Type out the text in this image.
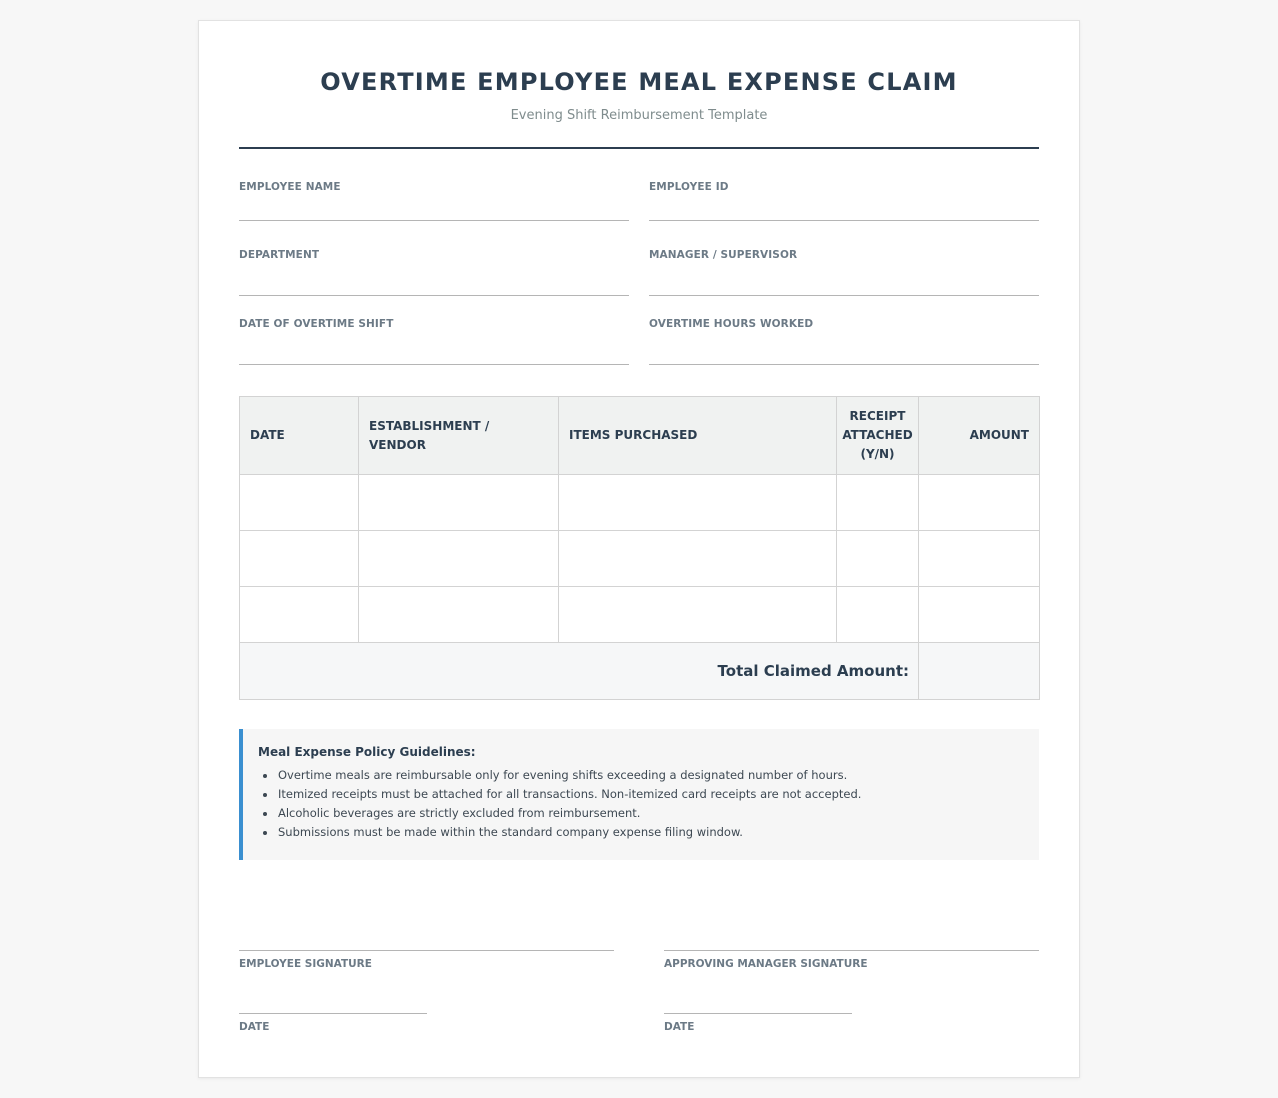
OVERTIME EMPLOYEE MEAL EXPENSE CLAIM
Evening Shift Reimbursement Template
EMPLOYEE NAME	EMPLOYEE ID
DEPARTMENT	MANAGER / SUPERVISOR
DATE OF OVERTIME SHIFT	OVERTIME HOURS WORKED
DATE	ESTABLISHMENT / VENDOR	ITEMS PURCHASED	RECEIPT ATTACHED (Y/N)	AMOUNT

Total Claimed Amount:				
Meal Expense Policy Guidelines:
Overtime meals are reimbursable only for evening shifts exceeding a designated number of hours.
Itemized receipts must be attached for all transactions. Non-itemized card receipts are not accepted.
Alcoholic beverages are strictly excluded from reimbursement.
Submissions must be made within the standard company expense filing window.
EMPLOYEE SIGNATURE
DATE
APPROVING MANAGER SIGNATURE
DATE
